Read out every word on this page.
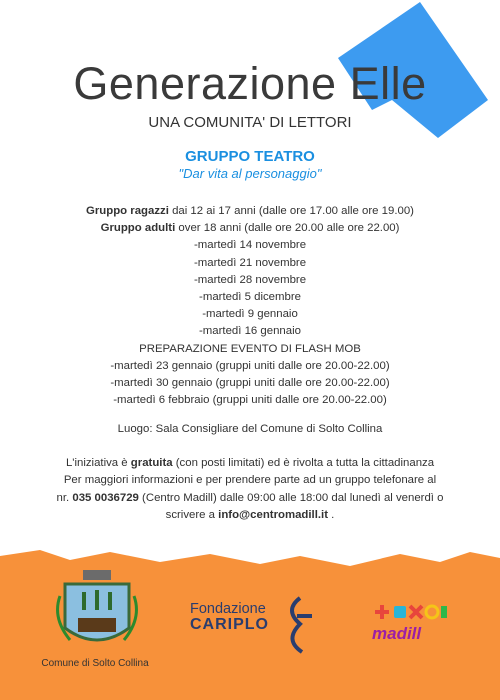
Generazione Elle
UNA COMUNITA' DI LETTORI
GRUPPO TEATRO
"Dar vita al personaggio"
Gruppo ragazzi dai 12 ai 17 anni (dalle ore 17.00 alle ore 19.00)
Gruppo adulti over 18 anni (dalle ore 20.00 alle ore 22.00)
-martedì 14 novembre
-martedì 21 novembre
-martedì 28 novembre
-martedì 5 dicembre
-martedì 9 gennaio
-martedì 16 gennaio
PREPARAZIONE EVENTO DI FLASH MOB
-martedì 23 gennaio (gruppi uniti dalle ore 20.00-22.00)
-martedì 30 gennaio (gruppi uniti dalle ore 20.00-22.00)
-martedì 6 febbraio (gruppi uniti dalle ore 20.00-22.00)
Luogo: Sala Consigliare del Comune di Solto Collina
L'iniziativa è gratuita (con posti limitati) ed è rivolta a tutta la cittadinanza
Per maggiori informazioni e per prendere parte ad un gruppo telefonare al
nr. 035 0036729 (Centro Madill) dalle 09:00 alle 18:00 dal lunedì al venerdì o
scrivere a info@centromadill.it .
Comune di Solto Collina
Fondazione
CARIPLO	madill
